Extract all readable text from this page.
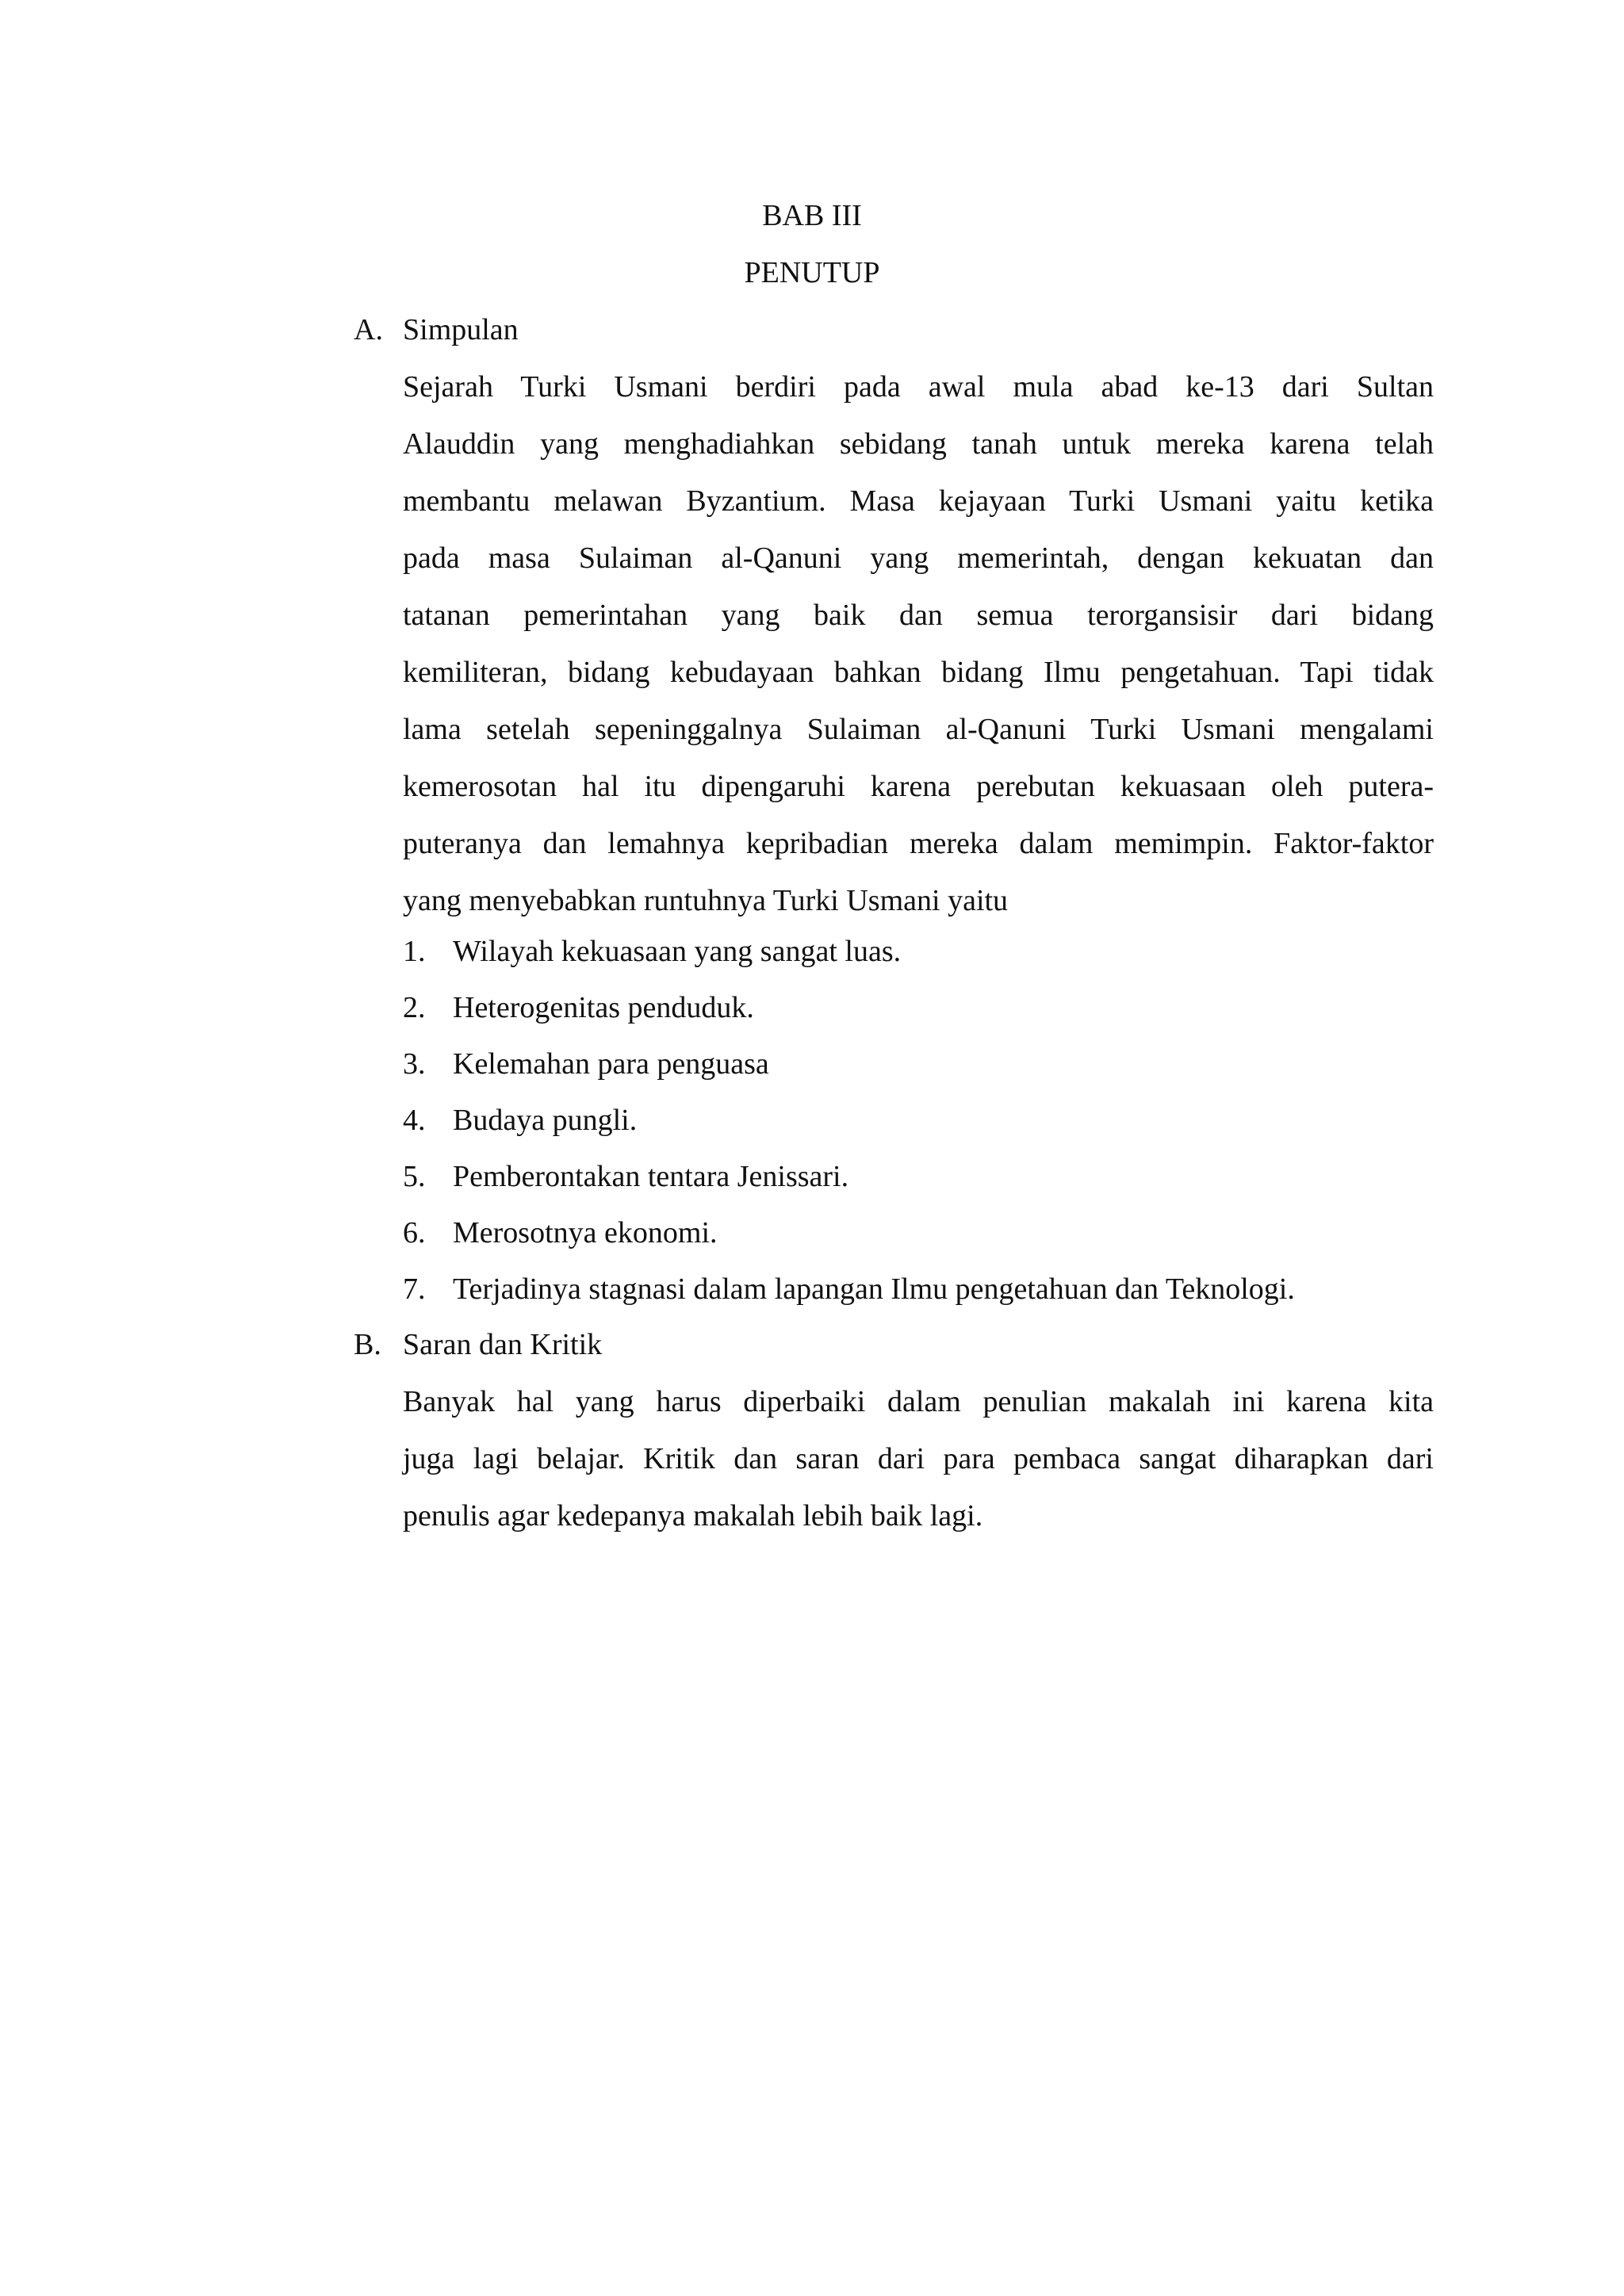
BAB III
PENUTUP
A. Simpulan
Sejarah Turki Usmani berdiri pada awal mula abad ke-13 dari Sultan
Alauddin yang menghadiahkan sebidang tanah untuk mereka karena telah
membantu melawan Byzantium. Masa kejayaan Turki Usmani yaitu ketika
pada masa Sulaiman al-Qanuni yang memerintah, dengan kekuatan dan
tatanan pemerintahan yang baik dan semua terorgansisir dari bidang
kemiliteran, bidang kebudayaan bahkan bidang Ilmu pengetahuan. Tapi tidak
lama setelah sepeninggalnya Sulaiman al-Qanuni Turki Usmani mengalami
kemerosotan hal itu dipengaruhi karena perebutan kekuasaan oleh putera-
puteranya dan lemahnya kepribadian mereka dalam memimpin. Faktor-faktor
yang menyebabkan runtuhnya Turki Usmani yaitu
1. Wilayah kekuasaan yang sangat luas.
2. Heterogenitas penduduk.
3. Kelemahan para penguasa
4. Budaya pungli.
5. Pemberontakan tentara Jenissari.
6. Merosotnya ekonomi.
7. Terjadinya stagnasi dalam lapangan Ilmu pengetahuan dan Teknologi.
B. Saran dan Kritik
Banyak hal yang harus diperbaiki dalam penulian makalah ini karena kita
juga lagi belajar. Kritik dan saran dari para pembaca sangat diharapkan dari
penulis agar kedepanya makalah lebih baik lagi.
